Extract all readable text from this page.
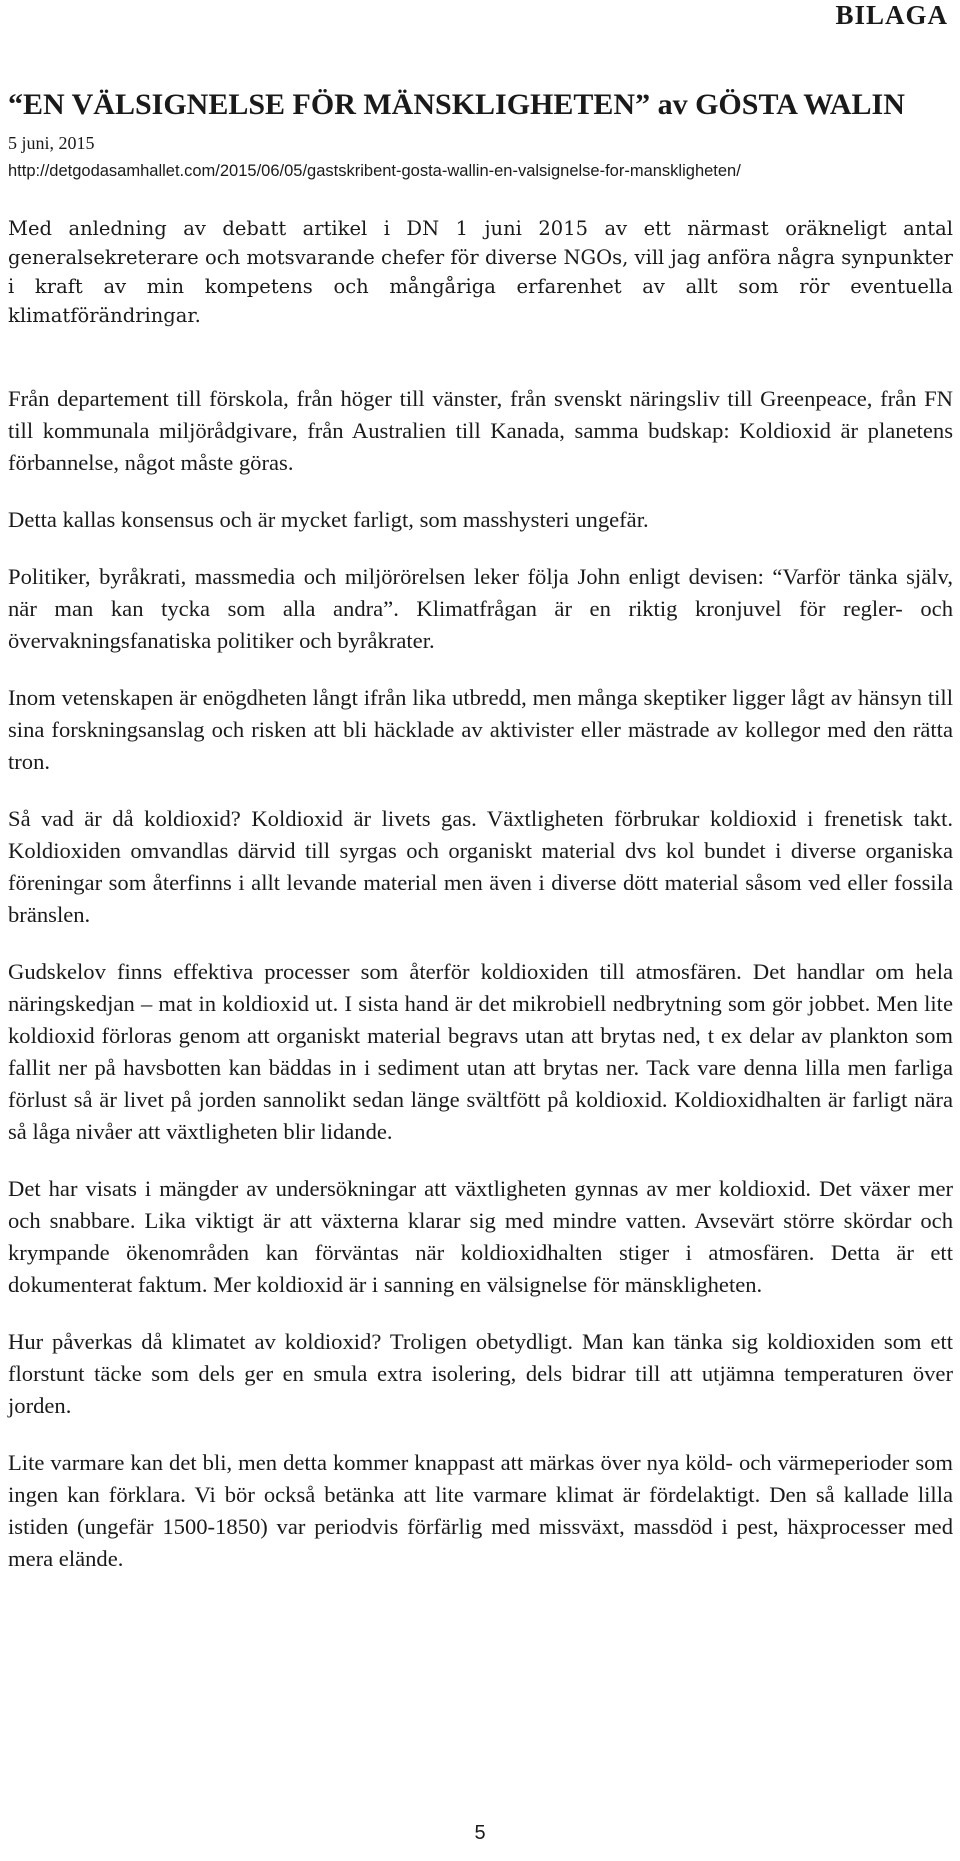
BILAGA
“EN VÄLSIGNELSE FÖR MÄNSKLIGHETEN” av GÖSTA WALIN
5 juni, 2015
http://detgodasamhallet.com/2015/06/05/gastskribent-gosta-wallin-en-valsignelse-for-manskligheten/

Med anledning av debatt artikel i DN 1 juni 2015 av ett närmast oräkneligt antal generalsekreterare och motsvarande chefer för diverse NGOs, vill jag anföra några synpunkter i kraft av min kompetens och mångåriga erfarenhet av allt som rör eventuella klimatförändringar.

Från departement till förskola, från höger till vänster, från svenskt näringsliv till Greenpeace, från FN till kommunala miljörådgivare, från Australien till Kanada, samma budskap: Koldioxid är planetens förbannelse, något måste göras.

Detta kallas konsensus och är mycket farligt, som masshysteri ungefär.

Politiker, byråkrati, massmedia och miljörörelsen leker följa John enligt devisen: “Varför tänka själv, när man kan tycka som alla andra”. Klimatfrågan är en riktig kronjuvel för regler- och övervakningsfanatiska politiker och byråkrater.

Inom vetenskapen är enögdheten långt ifrån lika utbredd, men många skeptiker ligger lågt av hänsyn till sina forskningsanslag och risken att bli häcklade av aktivister eller mästrade av kollegor med den rätta tron.

Så vad är då koldioxid? Koldioxid är livets gas. Växtligheten förbrukar koldioxid i frenetisk takt. Koldioxiden omvandlas därvid till syrgas och organiskt material dvs kol bundet i diverse organiska föreningar som återfinns i allt levande material men även i diverse dött material såsom ved eller fossila bränslen.

Gudskelov finns effektiva processer som återför koldioxiden till atmosfären. Det handlar om hela näringskedjan – mat in koldioxid ut. I sista hand är det mikrobiell nedbrytning som gör jobbet. Men lite koldioxid förloras genom att organiskt material begravs utan att brytas ned, t ex delar av plankton som fallit ner på havsbotten kan bäddas in i sediment utan att brytas ner. Tack vare denna lilla men farliga förlust så är livet på jorden sannolikt sedan länge svältfött på koldioxid. Koldioxidhalten är farligt nära så låga nivåer att växtligheten blir lidande.

Det har visats i mängder av undersökningar att växtligheten gynnas av mer koldioxid. Det växer mer och snabbare. Lika viktigt är att växterna klarar sig med mindre vatten. Avsevärt större skördar och krympande ökenområden kan förväntas när koldioxidhalten stiger i atmosfären. Detta är ett dokumenterat faktum. Mer koldioxid är i sanning en välsignelse för mänskligheten.

Hur påverkas då klimatet av koldioxid? Troligen obetydligt. Man kan tänka sig koldioxiden som ett florstunt täcke som dels ger en smula extra isolering, dels bidrar till att utjämna temperaturen över jorden.

Lite varmare kan det bli, men detta kommer knappast att märkas över nya köld- och värmeperioder som ingen kan förklara. Vi bör också betänka att lite varmare klimat är fördelaktigt. Den så kallade lilla istiden (ungefär 1500-1850) var periodvis förfärlig med missväxt, massdöd i pest, häxprocesser med mera elände.

5
